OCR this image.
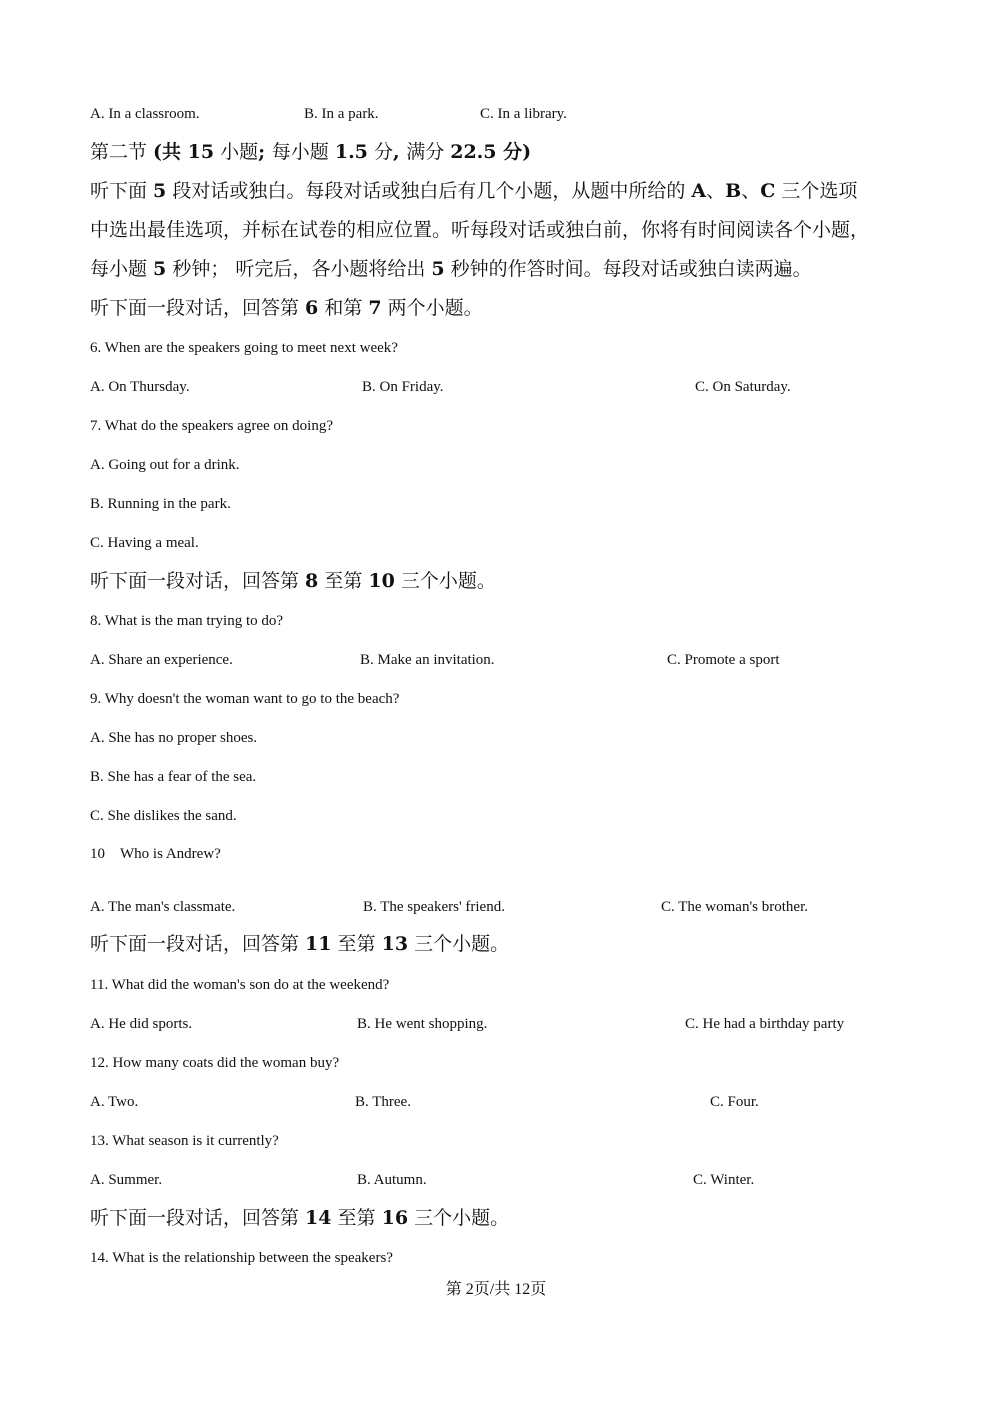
A. In a classroom.	B. In a park.	C. In a library.
第二节 (共 15 小题; 每小题 1.5 分, 满分 22.5 分)
听下面 5 段对话或独白。每段对话或独白后有几个小题，从题中所给的 A、B、C 三个选项
中选出最佳选项，并标在试卷的相应位置。听每段对话或独白前，你将有时间阅读各个小题，
每小题 5 秒钟； 听完后，各小题将给出 5 秒钟的作答时间。每段对话或独白读两遍。
听下面一段对话，回答第 6 和第 7 两个小题。
6. When are the speakers going to meet next week?
A. On Thursday.	B. On Friday.	C. On Saturday.
7. What do the speakers agree on doing?
A. Going out for a drink.
B. Running in the park.
C. Having a meal.
听下面一段对话，回答第 8 至第 10 三个小题。
8. What is the man trying to do?
A. Share an experience.	B. Make an invitation.	C. Promote a sport
9. Why doesn't the woman want to go to the beach?
A. She has no proper shoes.
B. She has a fear of the sea.
C. She dislikes the sand.
10 Who is Andrew?
A. The man's classmate.	B. The speakers' friend.	C. The woman's brother.
听下面一段对话，回答第 11 至第 13 三个小题。
11. What did the woman's son do at the weekend?
A. He did sports.	B. He went shopping.	C. He had a birthday party
12. How many coats did the woman buy?
A. Two.	B. Three.	C. Four.
13. What season is it currently?
A. Summer.	B. Autumn.	C. Winter.
听下面一段对话，回答第 14 至第 16 三个小题。
14. What is the relationship between the speakers?
第 2页/共 12页
